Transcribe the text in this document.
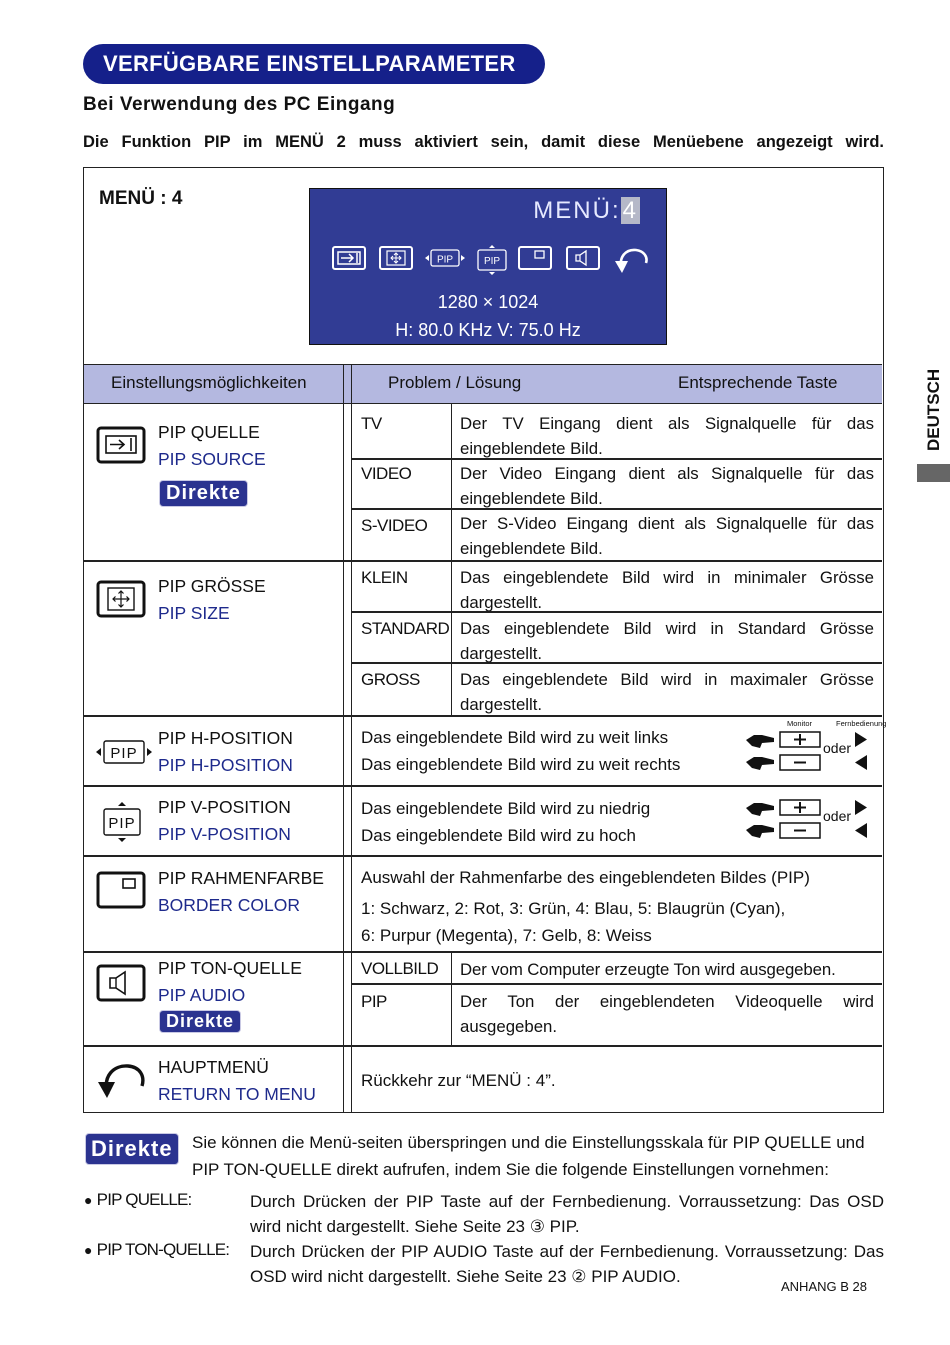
VERFÜGBARE EINSTELLPARAMETER
Bei Verwendung des PC Eingang
Die Funktion PIP im MENÜ 2 muss aktiviert sein, damit diese Menüebene angezeigt wird.
DEUTSCH
MENÜ : 4	MENÜ:4
PIP	PIP
1280 × 1024
H: 80.0 KHz V: 75.0 Hz
Einstellungsmöglichkeiten	Problem / Lösung	Entsprechende Taste
PIP QUELLE
PIP SOURCE
Direkte
TV	Der TV Eingang dient als Signalquelle für das eingeblendete Bild.
VIDEO	Der Video Eingang dient als Signalquelle für das eingeblendete Bild.
S-VIDEO Der S-Video Eingang dient als Signalquelle für das eingeblendete Bild.
PIP GRÖSSE
PIP SIZE
KLEIN	Das eingeblendete Bild wird in minimaler Grösse dargestellt.
STANDARD Das eingeblendete Bild wird in Standard Grösse dargestellt.
GROSS Das eingeblendete Bild wird in maximaler Grösse dargestellt.
PIP
PIP H-POSITION
PIP H-POSITION
Das eingeblendete Bild wird zu weit links
Das eingeblendete Bild wird zu weit rechts
Monitor	Fernbedienung
oder
PIP
PIP V-POSITION
PIP V-POSITION
Das eingeblendete Bild wird zu niedrig
Das eingeblendete Bild wird zu hoch
oder
PIP RAHMENFARBE
BORDER COLOR
Auswahl der Rahmenfarbe des eingeblendeten Bildes (PIP)
1: Schwarz, 2: Rot, 3: Grün, 4: Blau, 5: Blaugrün (Cyan),
6: Purpur (Megenta), 7: Gelb, 8: Weiss
PIP TON-QUELLE
PIP AUDIO
Direkte
VOLLBILD Der vom Computer erzeugte Ton wird ausgegeben.
PIP	Der Ton der eingeblendeten Videoquelle wird ausgegeben.
HAUPTMENÜ
RETURN TO MENU
Rückkehr zur “MENÜ : 4”.
Direkte	Sie können die Menü-seiten überspringen und die Einstellungsskala für PIP QUELLE und PIP TON-QUELLE direkt aufrufen, indem Sie die folgende Einstellungen vornehmen:
● PIP QUELLE:	Durch Drücken der PIP Taste auf der Fernbedienung. Vorraussetzung: Das OSD wird nicht dargestellt. Siehe Seite 23 ③ PIP.
● PIP TON-QUELLE: Durch Drücken der PIP AUDIO Taste auf der Fernbedienung. Vorraussetzung: Das OSD wird nicht dargestellt. Siehe Seite 23 ② PIP AUDIO.
ANHANG B 28
